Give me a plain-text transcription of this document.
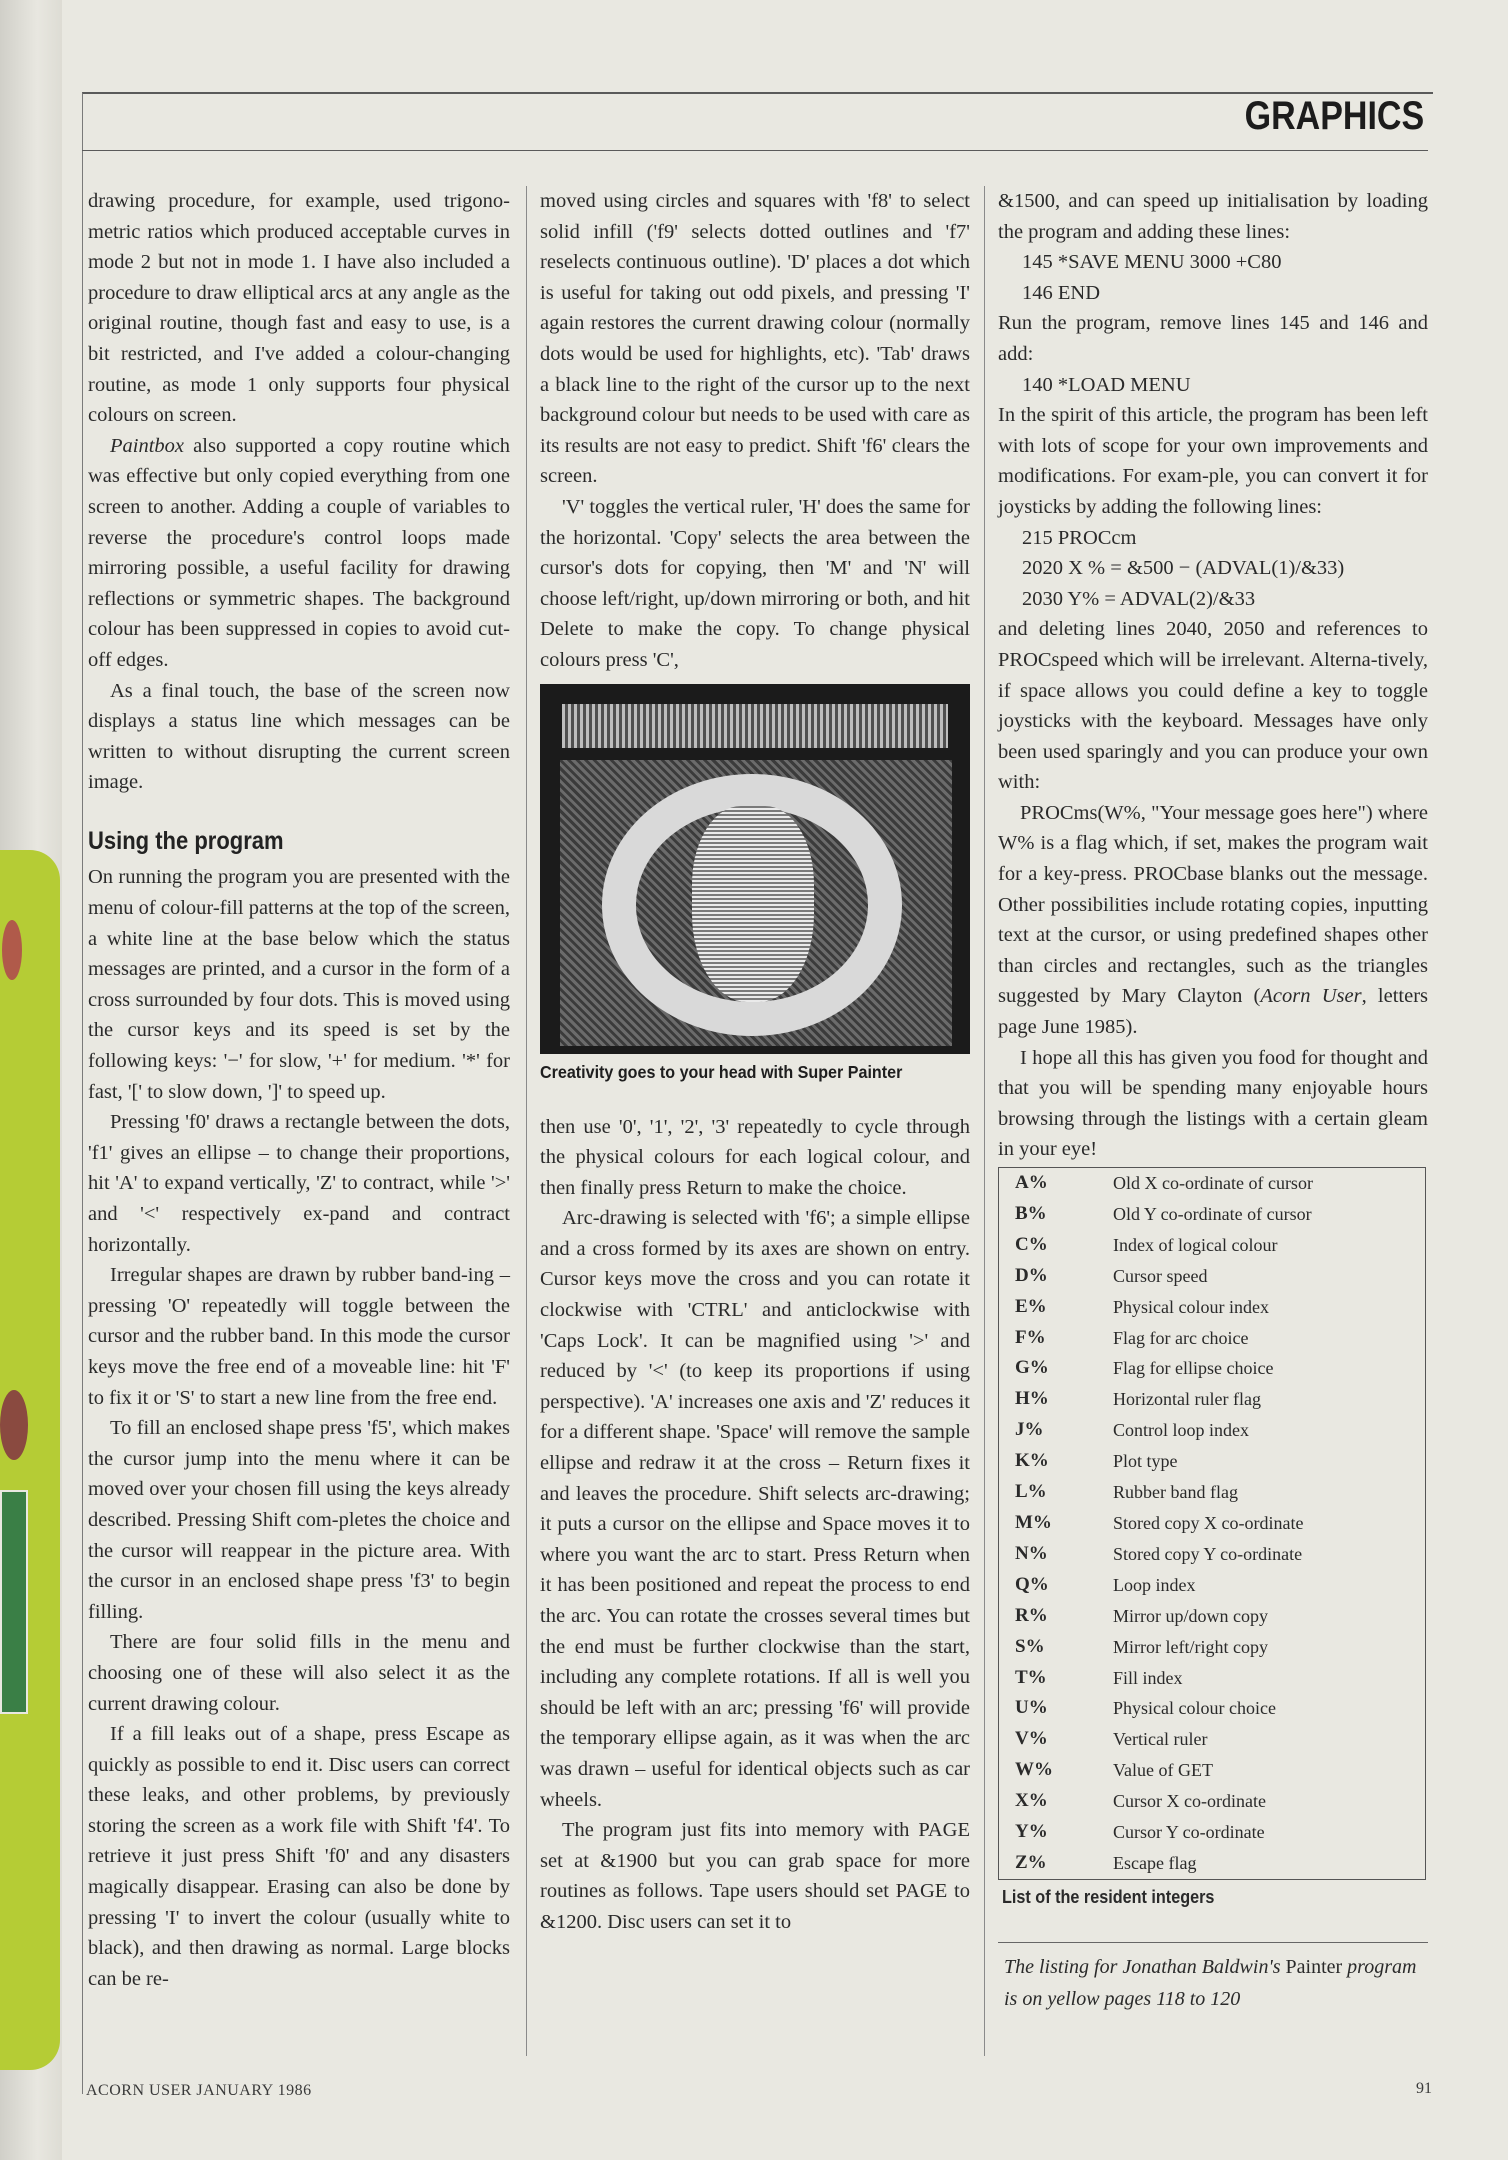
GRAPHICS

drawing procedure, for example, used trigono-metric ratios which produced acceptable curves in mode 2 but not in mode 1. I have also included a procedure to draw elliptical arcs at any angle as the original routine, though fast and easy to use, is a bit restricted, and I've added a colour-changing routine, as mode 1 only supports four physical colours on screen.

Paintbox also supported a copy routine which was effective but only copied everything from one screen to another. Adding a couple of variables to reverse the procedure's control loops made mirroring possible, a useful facility for drawing reflections or symmetric shapes. The background colour has been suppressed in copies to avoid cut-off edges.

As a final touch, the base of the screen now displays a status line which messages can be written to without disrupting the current screen image.

Using the program

On running the program you are presented with the menu of colour-fill patterns at the top of the screen, a white line at the base below which the status messages are printed, and a cursor in the form of a cross surrounded by four dots. This is moved using the cursor keys and its speed is set by the following keys: '−' for slow, '+' for medium. '*' for fast, '[' to slow down, ']' to speed up.

Pressing 'f0' draws a rectangle between the dots, 'f1' gives an ellipse – to change their proportions, hit 'A' to expand vertically, 'Z' to contract, while '>' and '<' respectively ex-pand and contract horizontally.

Irregular shapes are drawn by rubber band-ing – pressing 'O' repeatedly will toggle between the cursor and the rubber band. In this mode the cursor keys move the free end of a moveable line: hit 'F' to fix it or 'S' to start a new line from the free end.

To fill an enclosed shape press 'f5', which makes the cursor jump into the menu where it can be moved over your chosen fill using the keys already described. Pressing Shift com-pletes the choice and the cursor will reappear in the picture area. With the cursor in an enclosed shape press 'f3' to begin filling.

There are four solid fills in the menu and choosing one of these will also select it as the current drawing colour.

If a fill leaks out of a shape, press Escape as quickly as possible to end it. Disc users can correct these leaks, and other problems, by previously storing the screen as a work file with Shift 'f4'. To retrieve it just press Shift 'f0' and any disasters magically disappear. Erasing can also be done by pressing 'I' to invert the colour (usually white to black), and then drawing as normal. Large blocks can be re-

moved using circles and squares with 'f8' to select solid infill ('f9' selects dotted outlines and 'f7' reselects continuous outline). 'D' places a dot which is useful for taking out odd pixels, and pressing 'I' again restores the current drawing colour (normally dots would be used for highlights, etc). 'Tab' draws a black line to the right of the cursor up to the next background colour but needs to be used with care as its results are not easy to predict. Shift 'f6' clears the screen.

'V' toggles the vertical ruler, 'H' does the same for the horizontal. 'Copy' selects the area between the cursor's dots for copying, then 'M' and 'N' will choose left/right, up/down mirroring or both, and hit Delete to make the copy. To change physical colours press 'C',

Creativity goes to your head with Super Painter

then use '0', '1', '2', '3' repeatedly to cycle through the physical colours for each logical colour, and then finally press Return to make the choice.

Arc-drawing is selected with 'f6'; a simple ellipse and a cross formed by its axes are shown on entry. Cursor keys move the cross and you can rotate it clockwise with 'CTRL' and anticlockwise with 'Caps Lock'. It can be magnified using '>' and reduced by '<' (to keep its proportions if using perspective). 'A' increases one axis and 'Z' reduces it for a different shape. 'Space' will remove the sample ellipse and redraw it at the cross – Return fixes it and leaves the procedure. Shift selects arc-drawing; it puts a cursor on the ellipse and Space moves it to where you want the arc to start. Press Return when it has been positioned and repeat the process to end the arc. You can rotate the crosses several times but the end must be further clockwise than the start, including any complete rotations. If all is well you should be left with an arc; pressing 'f6' will provide the temporary ellipse again, as it was when the arc was drawn – useful for identical objects such as car wheels.

The program just fits into memory with PAGE set at &1900 but you can grab space for more routines as follows. Tape users should set PAGE to &1200. Disc users can set it to

&1500, and can speed up initialisation by loading the program and adding these lines:

145 *SAVE MENU 3000 +C80

146 END

Run the program, remove lines 145 and 146 and add:

140 *LOAD MENU

In the spirit of this article, the program has been left with lots of scope for your own improvements and modifications. For exam-ple, you can convert it for joysticks by adding the following lines:

215 PROCcm

2020 X % = &500 − (ADVAL(1)/&33)

2030 Y% = ADVAL(2)/&33

and deleting lines 2040, 2050 and references to PROCspeed which will be irrelevant. Alterna-tively, if space allows you could define a key to toggle joysticks with the keyboard. Messages have only been used sparingly and you can produce your own with:

PROCms(W%, "Your message goes here") where W% is a flag which, if set, makes the program wait for a key-press. PROCbase blanks out the message. Other possibilities include rotating copies, inputting text at the cursor, or using predefined shapes other than circles and rectangles, such as the triangles suggested by Mary Clayton (Acorn User, letters page June 1985).

I hope all this has given you food for thought and that you will be spending many enjoyable hours browsing through the listings with a certain gleam in your eye!

A%	Old X co-ordinate of cursor
B%	Old Y co-ordinate of cursor
C%	Index of logical colour
D%	Cursor speed
E%	Physical colour index
F%	Flag for arc choice
G%	Flag for ellipse choice
H%	Horizontal ruler flag
J%	Control loop index
K%	Plot type
L%	Rubber band flag
M%	Stored copy X co-ordinate
N%	Stored copy Y co-ordinate
Q%	Loop index
R%	Mirror up/down copy
S%	Mirror left/right copy
T%	Fill index
U%	Physical colour choice
V%	Vertical ruler
W%	Value of GET
X%	Cursor X co-ordinate
Y%	Cursor Y co-ordinate
Z%	Escape flag

List of the resident integers

The listing for Jonathan Baldwin's Painter program is on yellow pages 118 to 120

ACORN USER JANUARY 1986	91
